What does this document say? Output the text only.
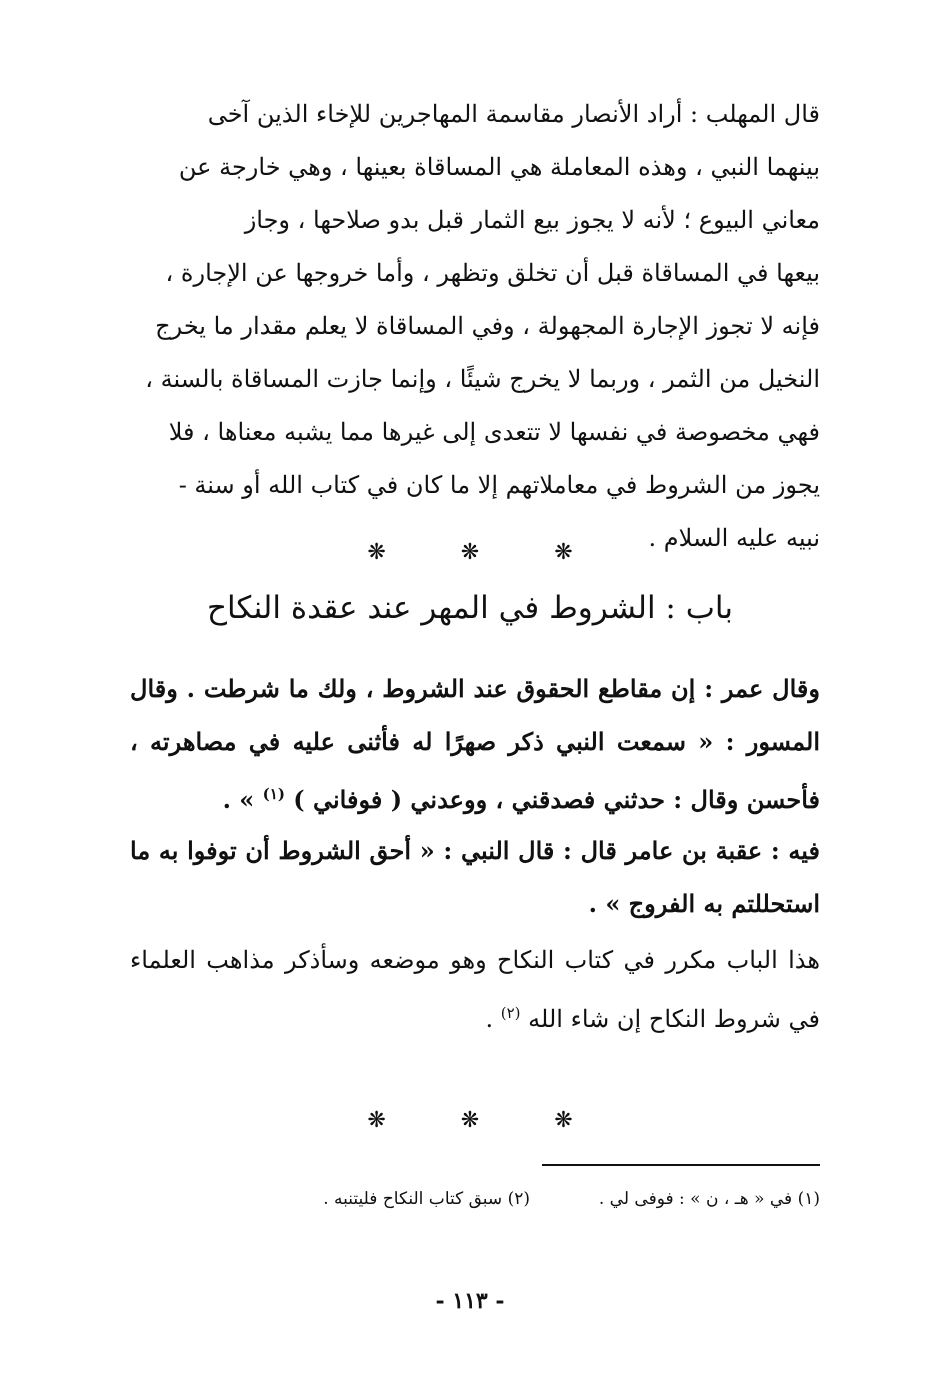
قال المهلب : أراد الأنصار مقاسمة المهاجرين للإخاء الذين آخى
بينهما النبي ، وهذه المعاملة هي المساقاة بعينها ، وهي خارجة عن
معاني البيوع ؛ لأنه لا يجوز بيع الثمار قبل بدو صلاحها ، وجاز
بيعها في المساقاة قبل أن تخلق وتظهر ، وأما خروجها عن الإجارة ،
فإنه لا تجوز الإجارة المجهولة ، وفي المساقاة لا يعلم مقدار ما يخرج
النخيل من الثمر ، وربما لا يخرج شيئًا ، وإنما جازت المساقاة بالسنة ،
فهي مخصوصة في نفسها لا تتعدى إلى غيرها مما يشبه معناها ، فلا
يجوز من الشروط في معاملاتهم إلا ما كان في كتاب الله أو سنة -
نبيه عليه السلام .
❋ ❋ ❋
باب : الشروط في المهر عند عقدة النكاح

وقال عمر : إن مقاطع الحقوق عند الشروط ، ولك ما شرطت . وقال المسور : « سمعت النبي ذكر صهرًا له فأثنى عليه في مصاهرته ، فأحسن وقال : حدثني فصدقني ، ووعدني ( فوفاني ) $^{(١)}$ » .

فيه : عقبة بن عامر قال : قال النبي : « أحق الشروط أن توفوا به ما استحللتم به الفروج » .

هذا الباب مكرر في كتاب النكاح وهو موضعه وسأذكر مذاهب العلماء في شروط النكاح إن شاء الله $^{(٢)}$ .

❋ ❋ ❋
(١) في « هـ ، ن » : فوفى لي .(٢) سبق كتاب النكاح فليتنبه .
- ١١٣ -
